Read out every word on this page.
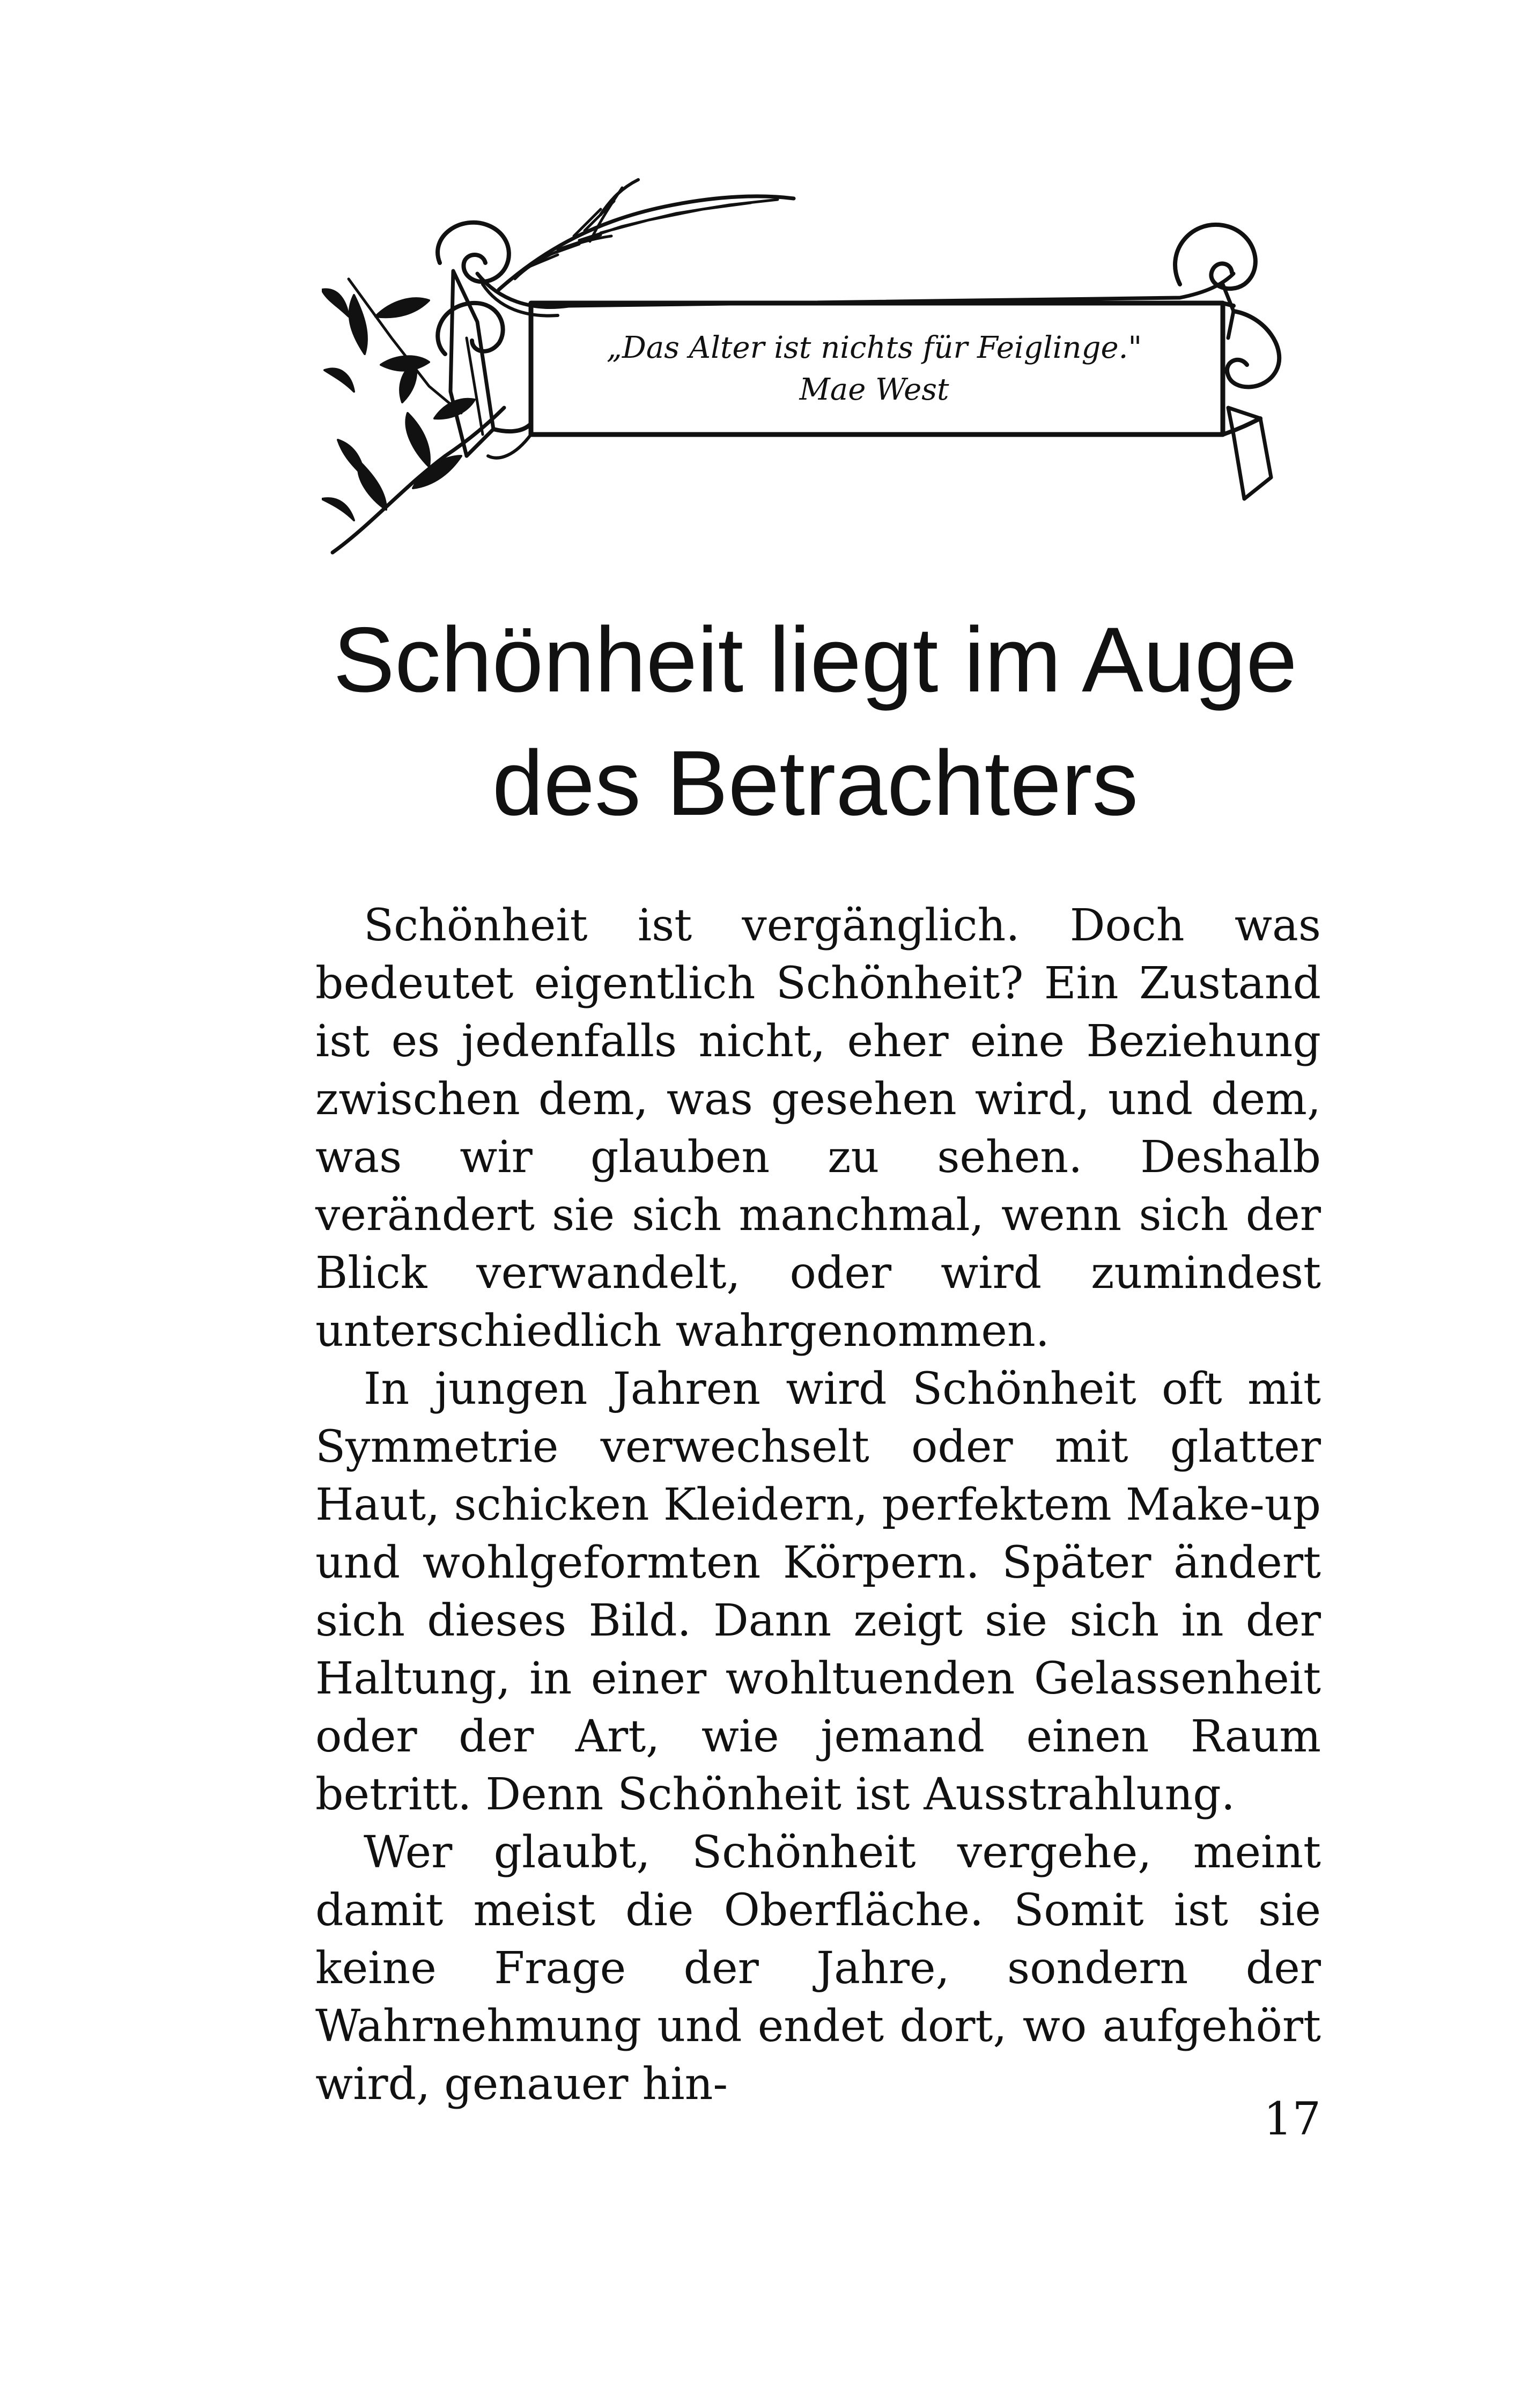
„Das Alter ist nichts für Feiglinge."
Mae West
Schönheit liegt im Auge
des Betrachters

Schönheit ist vergänglich. Doch was bedeutet eigentlich Schönheit? Ein Zustand ist es jedenfalls nicht, eher eine Beziehung zwischen dem, was gesehen wird, und dem, was wir glauben zu sehen. Deshalb verändert sie sich manchmal, wenn sich der Blick verwandelt, oder wird zumindest unterschiedlich wahrgenommen.

In jungen Jahren wird Schönheit oft mit Symmetrie verwechselt oder mit glatter Haut, schicken Kleidern, perfektem Make-up und wohlgeformten Körpern. Später ändert sich dieses Bild. Dann zeigt sie sich in der Haltung, in einer wohltuenden Gelassenheit oder der Art, wie jemand einen Raum betritt. Denn Schönheit ist Ausstrahlung.

Wer glaubt, Schönheit vergehe, meint damit meist die Oberfläche. Somit ist sie keine Frage der Jahre, sondern der Wahrnehmung und endet dort, wo aufgehört wird, genauer hin-

17
